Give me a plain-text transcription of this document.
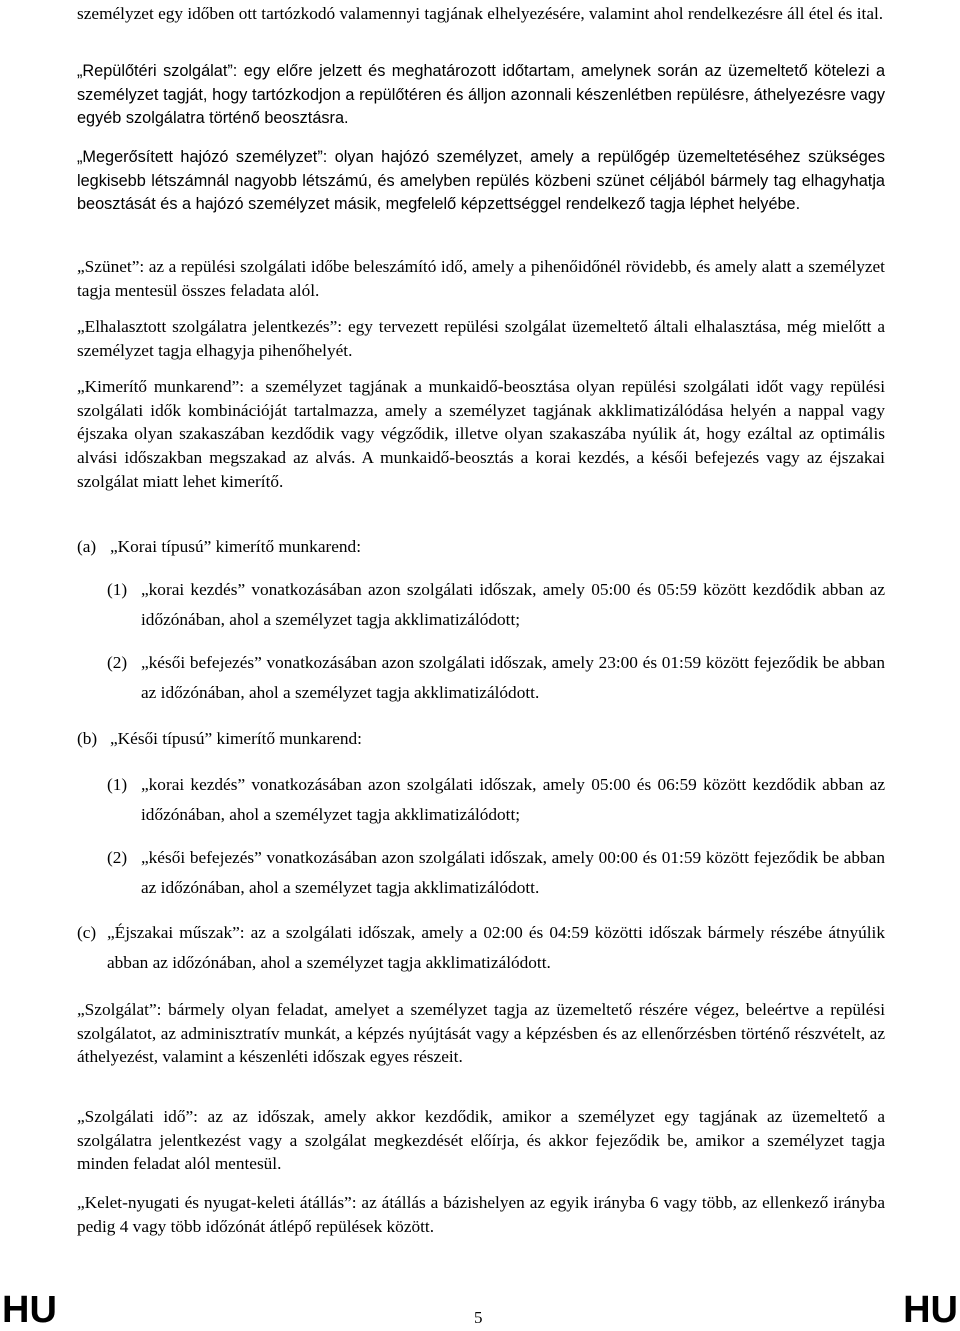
személyzet egy időben ott tartózkodó valamennyi tagjának elhelyezésére, valamint ahol rendelkezésre áll étel és ital.

„Repülőtéri szolgálat”: egy előre jelzett és meghatározott időtartam, amelynek során az üzemeltető kötelezi a személyzet tagját, hogy tartózkodjon a repülőtéren és álljon azonnali készenlétben repülésre, áthelyezésre vagy egyéb szolgálatra történő beosztásra.

„Megerősített hajózó személyzet”: olyan hajózó személyzet, amely a repülőgép üzemeltetéséhez szükséges legkisebb létszámnál nagyobb létszámú, és amelyben repülés közbeni szünet céljából bármely tag elhagyhatja beosztását és a hajózó személyzet másik, megfelelő képzettséggel rendelkező tagja léphet helyébe.

„Szünet”: az a repülési szolgálati időbe beleszámító idő, amely a pihenőidőnél rövidebb, és amely alatt a személyzet tagja mentesül összes feladata alól.

„Elhalasztott szolgálatra jelentkezés”: egy tervezett repülési szolgálat üzemeltető általi elhalasztása, még mielőtt a személyzet tagja elhagyja pihenőhelyét.

„Kimerítő munkarend”: a személyzet tagjának a munkaidő-beosztása olyan repülési szolgálati időt vagy repülési szolgálati idők kombinációját tartalmazza, amely a személyzet tagjának akklimatizálódása helyén a nappal vagy éjszaka olyan szakaszában kezdődik vagy végződik, illetve olyan szakaszába nyúlik át, hogy ezáltal az optimális alvási időszakban megszakad az alvás. A munkaidő-beosztás a korai kezdés, a késői befejezés vagy az éjszakai szolgálat miatt lehet kimerítő.

(a) „Korai típusú” kimerítő munkarend:

(1) „korai kezdés” vonatkozásában azon szolgálati időszak, amely 05:00 és 05:59 között kezdődik abban az időzónában, ahol a személyzet tagja akklimatizálódott;
(2) „késői befejezés” vonatkozásában azon szolgálati időszak, amely 23:00 és 01:59 között fejeződik be abban az időzónában, ahol a személyzet tagja akklimatizálódott.

(b) „Késői típusú” kimerítő munkarend:

(1) „korai kezdés” vonatkozásában azon szolgálati időszak, amely 05:00 és 06:59 között kezdődik abban az időzónában, ahol a személyzet tagja akklimatizálódott;
(2) „késői befejezés” vonatkozásában azon szolgálati időszak, amely 00:00 és 01:59 között fejeződik be abban az időzónában, ahol a személyzet tagja akklimatizálódott.
(c) „Éjszakai műszak”: az a szolgálati időszak, amely a 02:00 és 04:59 közötti időszak bármely részébe átnyúlik abban az időzónában, ahol a személyzet tagja akklimatizálódott.

„Szolgálat”: bármely olyan feladat, amelyet a személyzet tagja az üzemeltető részére végez, beleértve a repülési szolgálatot, az adminisztratív munkát, a képzés nyújtását vagy a képzésben és az ellenőrzésben történő részvételt, az áthelyezést, valamint a készenléti időszak egyes részeit.

„Szolgálati idő”: az az időszak, amely akkor kezdődik, amikor a személyzet egy tagjának az üzemeltető a szolgálatra jelentkezést vagy a szolgálat megkezdését előírja, és akkor fejeződik be, amikor a személyzet tagja minden feladat alól mentesül.

„Kelet-nyugati és nyugat-keleti átállás”: az átállás a bázishelyen az egyik irányba 6 vagy több, az ellenkező irányba pedig 4 vagy több időzónát átlépő repülések között.

HU	5	HU
